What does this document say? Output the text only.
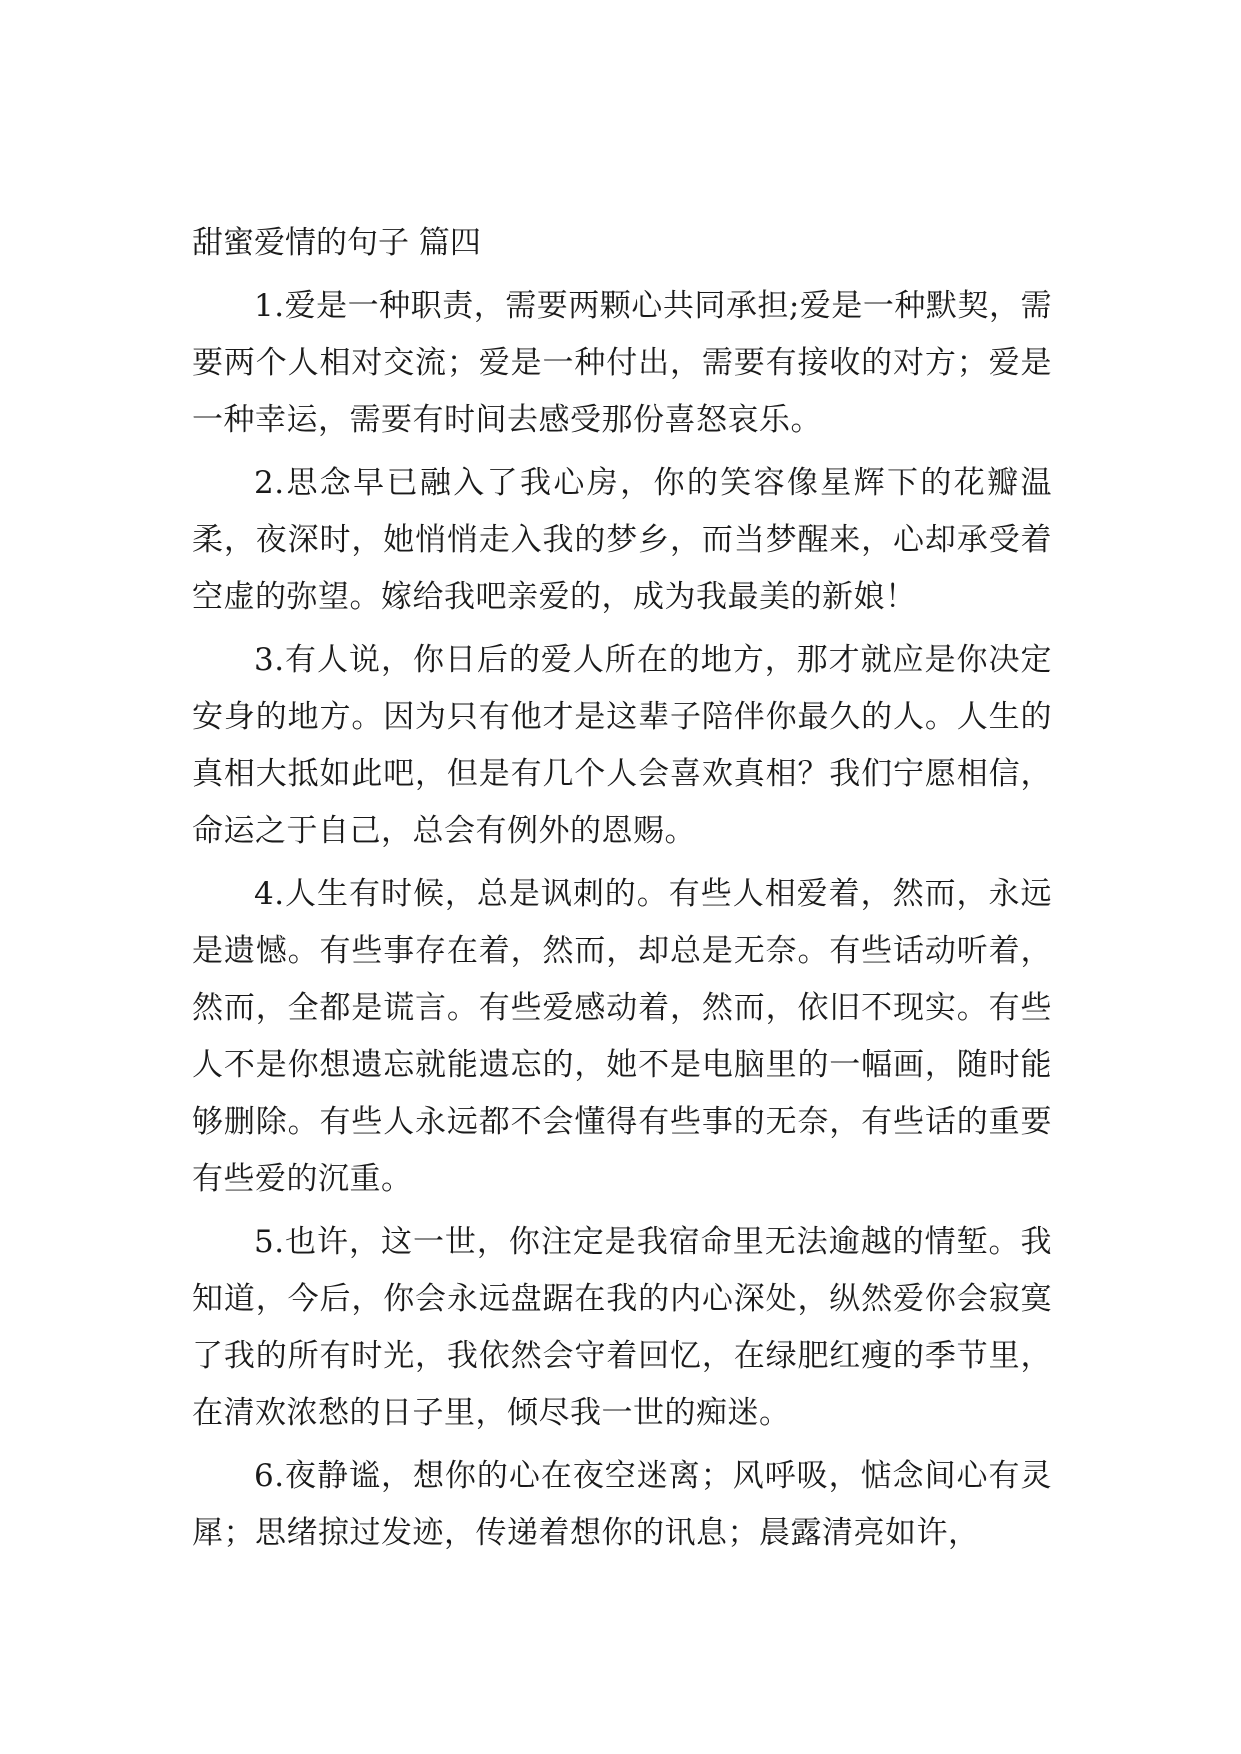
甜蜜爱情的句子 篇四

1.爱是一种职责，需要两颗心共同承担;爱是一种默契，需要两个人相对交流；爱是一种付出，需要有接收的对方；爱是一种幸运，需要有时间去感受那份喜怒哀乐。

2.思念早已融入了我心房，你的笑容像星辉下的花瓣温柔，夜深时，她悄悄走入我的梦乡，而当梦醒来，心却承受着空虚的弥望。嫁给我吧亲爱的，成为我最美的新娘！

3.有人说，你日后的爱人所在的地方，那才就应是你决定安身的地方。因为只有他才是这辈子陪伴你最久的人。人生的真相大抵如此吧，但是有几个人会喜欢真相？我们宁愿相信，命运之于自己，总会有例外的恩赐。

4.人生有时候，总是讽刺的。有些人相爱着，然而，永远是遗憾。有些事存在着，然而，却总是无奈。有些话动听着，然而，全都是谎言。有些爱感动着，然而，依旧不现实。有些人不是你想遗忘就能遗忘的，她不是电脑里的一幅画，随时能够删除。有些人永远都不会懂得有些事的无奈，有些话的重要有些爱的沉重。

5.也许，这一世，你注定是我宿命里无法逾越的情堑。我知道，今后，你会永远盘踞在我的内心深处，纵然爱你会寂寞了我的所有时光，我依然会守着回忆，在绿肥红瘦的季节里，在清欢浓愁的日子里，倾尽我一世的痴迷。

6.夜静谧，想你的心在夜空迷离；风呼吸，惦念间心有灵犀；思绪掠过发迹，传递着想你的讯息；晨露清亮如许，
